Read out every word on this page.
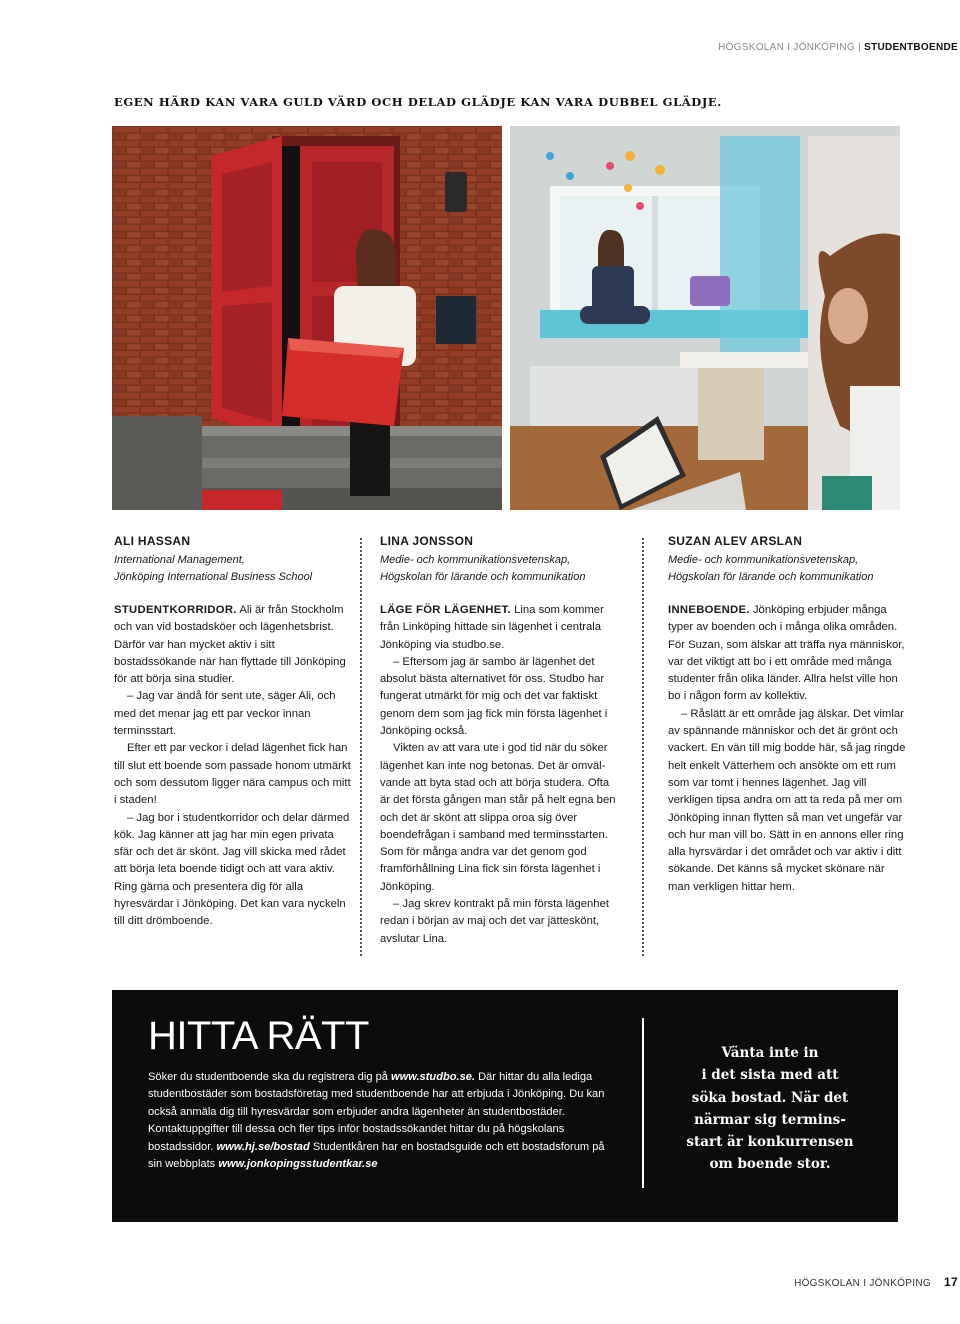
HÖGSKOLAN I JÖNKÖPING | STUDENTBOENDE
EGEN HÄRD KAN VARA GULD VÄRD OCH DELAD GLÄDJE KAN VARA DUBBEL GLÄDJE.

ALI HASSAN

International Management,
Jönköping International Business School

STUDENTKORRIDOR. Ali är från Stockholm och van vid bostadsköer och lägenhetsbrist. Därför var han mycket aktiv i sitt bostadssökande när han flyttade till Jönköping för att börja sina studier.

– Jag var ändå för sent ute, säger Ali, och med det menar jag ett par veckor innan terminsstart.

Efter ett par veckor i delad lägenhet fick han till slut ett boende som passade honom utmärkt och som dessutom ligger nära campus och mitt i staden!

– Jag bor i studentkorridor och delar därmed kök. Jag känner att jag har min egen privata sfär och det är skönt. Jag vill skicka med rådet att börja leta boende tidigt och att vara aktiv. Ring gärna och presentera dig för alla hyresvärdar i Jönköping. Det kan vara nyckeln till ditt drömboende.

LINA JONSSON

Medie- och kommunikationsvetenskap,
Högskolan för lärande och kommunikation

LÄGE FÖR LÄGENHET. Lina som kommer från Linköping hittade sin lägenhet i centrala Jönköping via studbo.se.

– Eftersom jag är sambo är lägenhet det absolut bästa alternativet för oss. Studbo har fungerat utmärkt för mig och det var faktiskt genom dem som jag fick min första lägenhet i Jönköping också.

Vikten av att vara ute i god tid när du söker lägenhet kan inte nog betonas. Det är omvälvande att byta stad och att börja studera. Ofta är det första gången man står på helt egna ben och det är skönt att slippa oroa sig över boendefrågan i samband med terminsstarten. Som för många andra var det genom god framförhållning Lina fick sin första lägenhet i Jönköping.

– Jag skrev kontrakt på min första lägenhet redan i början av maj och det var jätteskönt, avslutar Lina.

SUZAN ALEV ARSLAN

Medie- och kommunikationsvetenskap,
Högskolan för lärande och kommunikation

INNEBOENDE. Jönköping erbjuder många typer av boenden och i många olika områden. För Suzan, som älskar att träffa nya människor, var det viktigt att bo i ett område med många studenter från olika länder. Allra helst ville hon bo i någon form av kollektiv.

– Råslätt är ett område jag älskar. Det vimlar av spännande människor och det är grönt och vackert. En vän till mig bodde här, så jag ringde helt enkelt Vätterhem och ansökte om ett rum som var tomt i hennes lägenhet. Jag vill verkligen tipsa andra om att ta reda på mer om Jönköping innan flytten så man vet ungefär var och hur man vill bo. Sätt in en annons eller ring alla hyrsvärdar i det området och var aktiv i ditt sökande. Det känns så mycket skönare när man verkligen hittar hem.

HITTA RÄTT

Söker du studentboende ska du registrera dig på www.studbo.se. Där hittar du alla lediga studentbostäder som bostadsföretag med studentboende har att erbjuda i Jönköping. Du kan också anmäla dig till hyresvärdar som erbjuder andra lägenheter än studentbostäder. Kontaktuppgifter till dessa och fler tips inför bostadssökandet hittar du på högskolans bostadssidor. www.hj.se/bostad Studentkåren har en bostadsguide och ett bostadsforum på sin webbplats www.jonkopingsstudentkar.se

Vänta inte in
i det sista med att
söka bostad. När det
närmar sig termins-
start är konkurrensen
om boende stor.
HÖGSKOLAN I JÖNKÖPING 17
